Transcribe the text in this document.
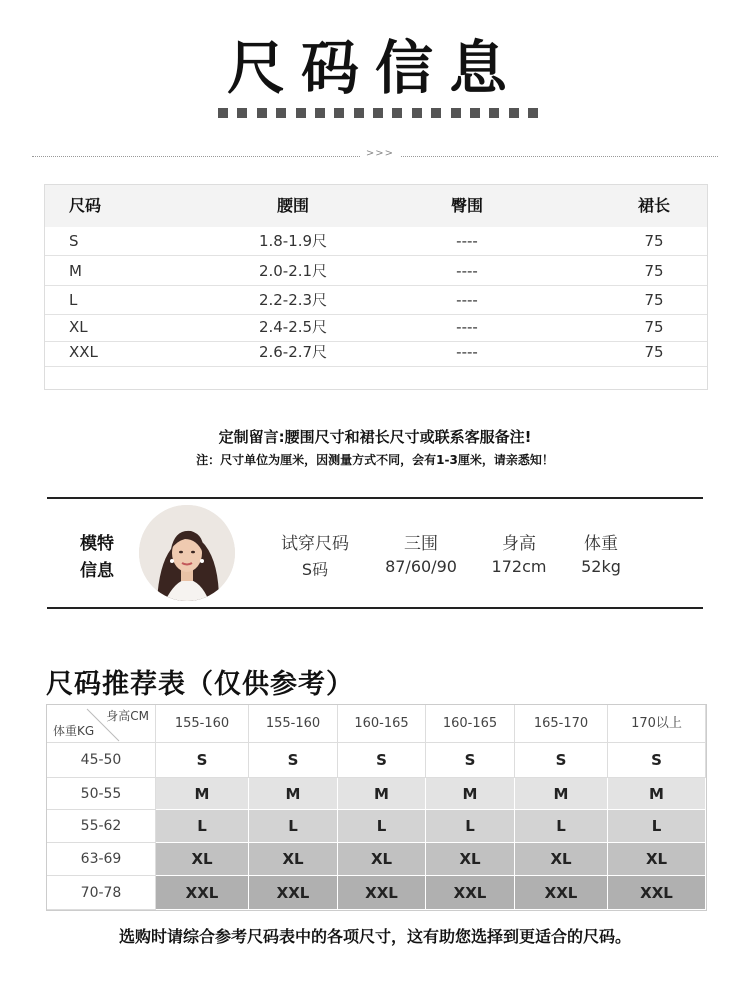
尺码信息
>>>
尺码	腰围	臀围	裙长
S	1.8-1.9尺	----	75
M	2.0-2.1尺	----	75
L	2.2-2.3尺	----	75
XL	2.4-2.5尺	----	75
XXL	2.6-2.7尺	----	75
定制留言:腰围尺寸和裙长尺寸或联系客服备注!
注：尺寸单位为厘米，因测量方式不同，会有1-3厘米，请亲悉知！
模特
信息
试穿尺码
S码
三围
87/60/90
身高
172cm
体重
52kg
尺码推荐表（仅供参考）
身高CM
体重KG	155-160	155-160	160-165	160-165	165-170	170以上
45-50	S	S	S	S	S	S
50-55	M	M	M	M	M	M
55-62	L	L	L	L	L	L
63-69	XL	XL	XL	XL	XL	XL
70-78	XXL	XXL	XXL	XXL	XXL	XXL
选购时请综合参考尺码表中的各项尺寸，这有助您选择到更适合的尺码。
